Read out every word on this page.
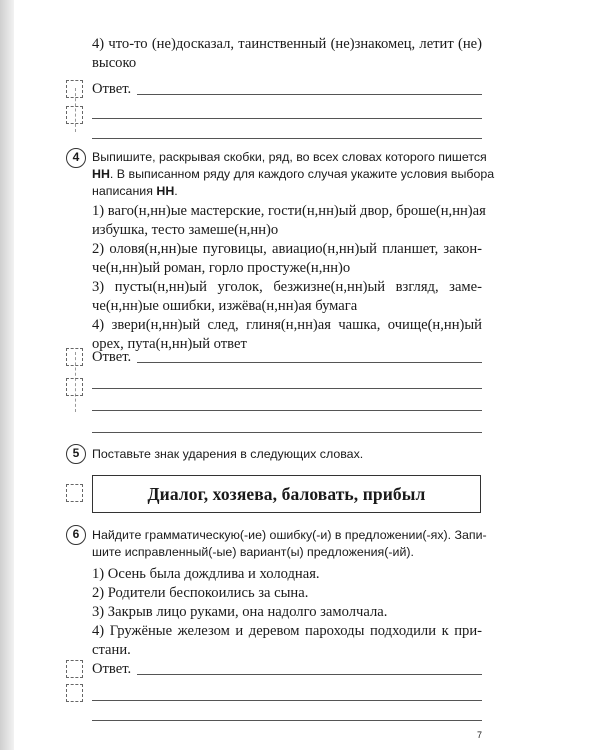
4) что-то (не)досказал, таинственный (не)знакомец, летит (не)
высоко
Ответ.
4	Выпишите, раскрывая скобки, ряд, во всех словах которого пишется
НН. В выписанном ряду для каждого случая укажите условия выбора
написания НН.
1) ваго(н,нн)ые мастерские, гости(н,нн)ый двор, броше(н,нн)ая
избушка, тесто замеше(н,нн)о
2) оловя(н,нн)ые пуговицы, авиацио(н,нн)ый планшет, закон-
че(н,нн)ый роман, горло простуже(н,нн)о
3) пусты(н,нн)ый уголок, безжизне(н,нн)ый взгляд, заме-
че(н,нн)ые ошибки, изжёва(н,нн)ая бумага
4) звери(н,нн)ый след, глиня(н,нн)ая чашка, очище(н,нн)ый
орех, пута(н,нн)ый ответ
Ответ.
5	Поставьте знак ударения в следующих словах.
Диалог, хозяева, баловать, прибыл
6	Найдите грамматическую(-ие) ошибку(-и) в предложении(-ях). Запи-
шите исправленный(-ые) вариант(ы) предложения(-ий).
1) Осень была дождлива и холодная.
2) Родители беспокоились за сына.
3) Закрыв лицо руками, она надолго замолчала.
4) Гружёные железом и деревом пароходы подходили к при-
стани.
Ответ.
7
